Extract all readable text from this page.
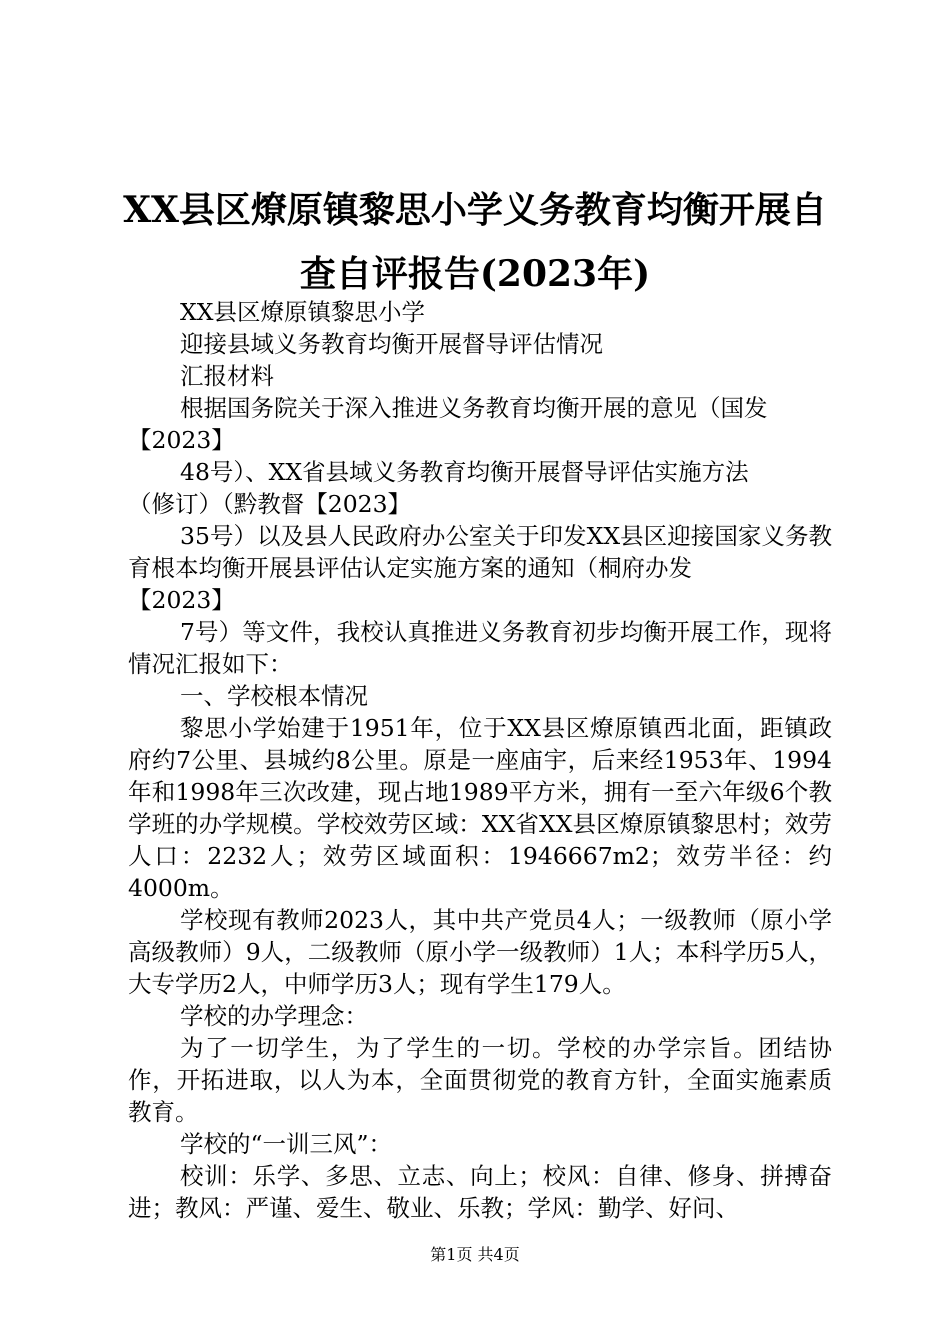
XX县区燎原镇黎思小学义务教育均衡开展自
查自评报告(2023年)

XX县区燎原镇黎思小学

迎接县域义务教育均衡开展督导评估情况

汇报材料

根据国务院关于深入推进义务教育均衡开展的意见（国发

【2023】

48号）、XX省县域义务教育均衡开展督导评估实施方法

（修订）（黔教督【2023】

35号）以及县人民政府办公室关于印发XX县区迎接国家义务教育根本均衡开展县评估认定实施方案的通知（桐府办发

【2023】

7号）等文件，我校认真推进义务教育初步均衡开展工作，现将情况汇报如下：

一、学校根本情况

黎思小学始建于1951年，位于XX县区燎原镇西北面，距镇政府约7公里、县城约8公里。原是一座庙宇，后来经1953年、1994年和1998年三次改建，现占地1989平方米，拥有一至六年级6个教学班的办学规模。学校效劳区域：XX省XX县区燎原镇黎思村；效劳人口：2232人；效劳区域面积：1946667m2；效劳半径：约4000m。

学校现有教师2023人，其中共产党员4人；一级教师（原小学高级教师）9人，二级教师（原小学一级教师）1人；本科学历5人，大专学历2人，中师学历3人；现有学生179人。

学校的办学理念：

为了一切学生，为了学生的一切。学校的办学宗旨。团结协作，开拓进取，以人为本，全面贯彻党的教育方针，全面实施素质教育。

学校的“一训三风”：

校训：乐学、多思、立志、向上；校风：自律、修身、拼搏奋进；教风：严谨、爱生、敬业、乐教；学风：勤学、好问、

第1页 共4页
